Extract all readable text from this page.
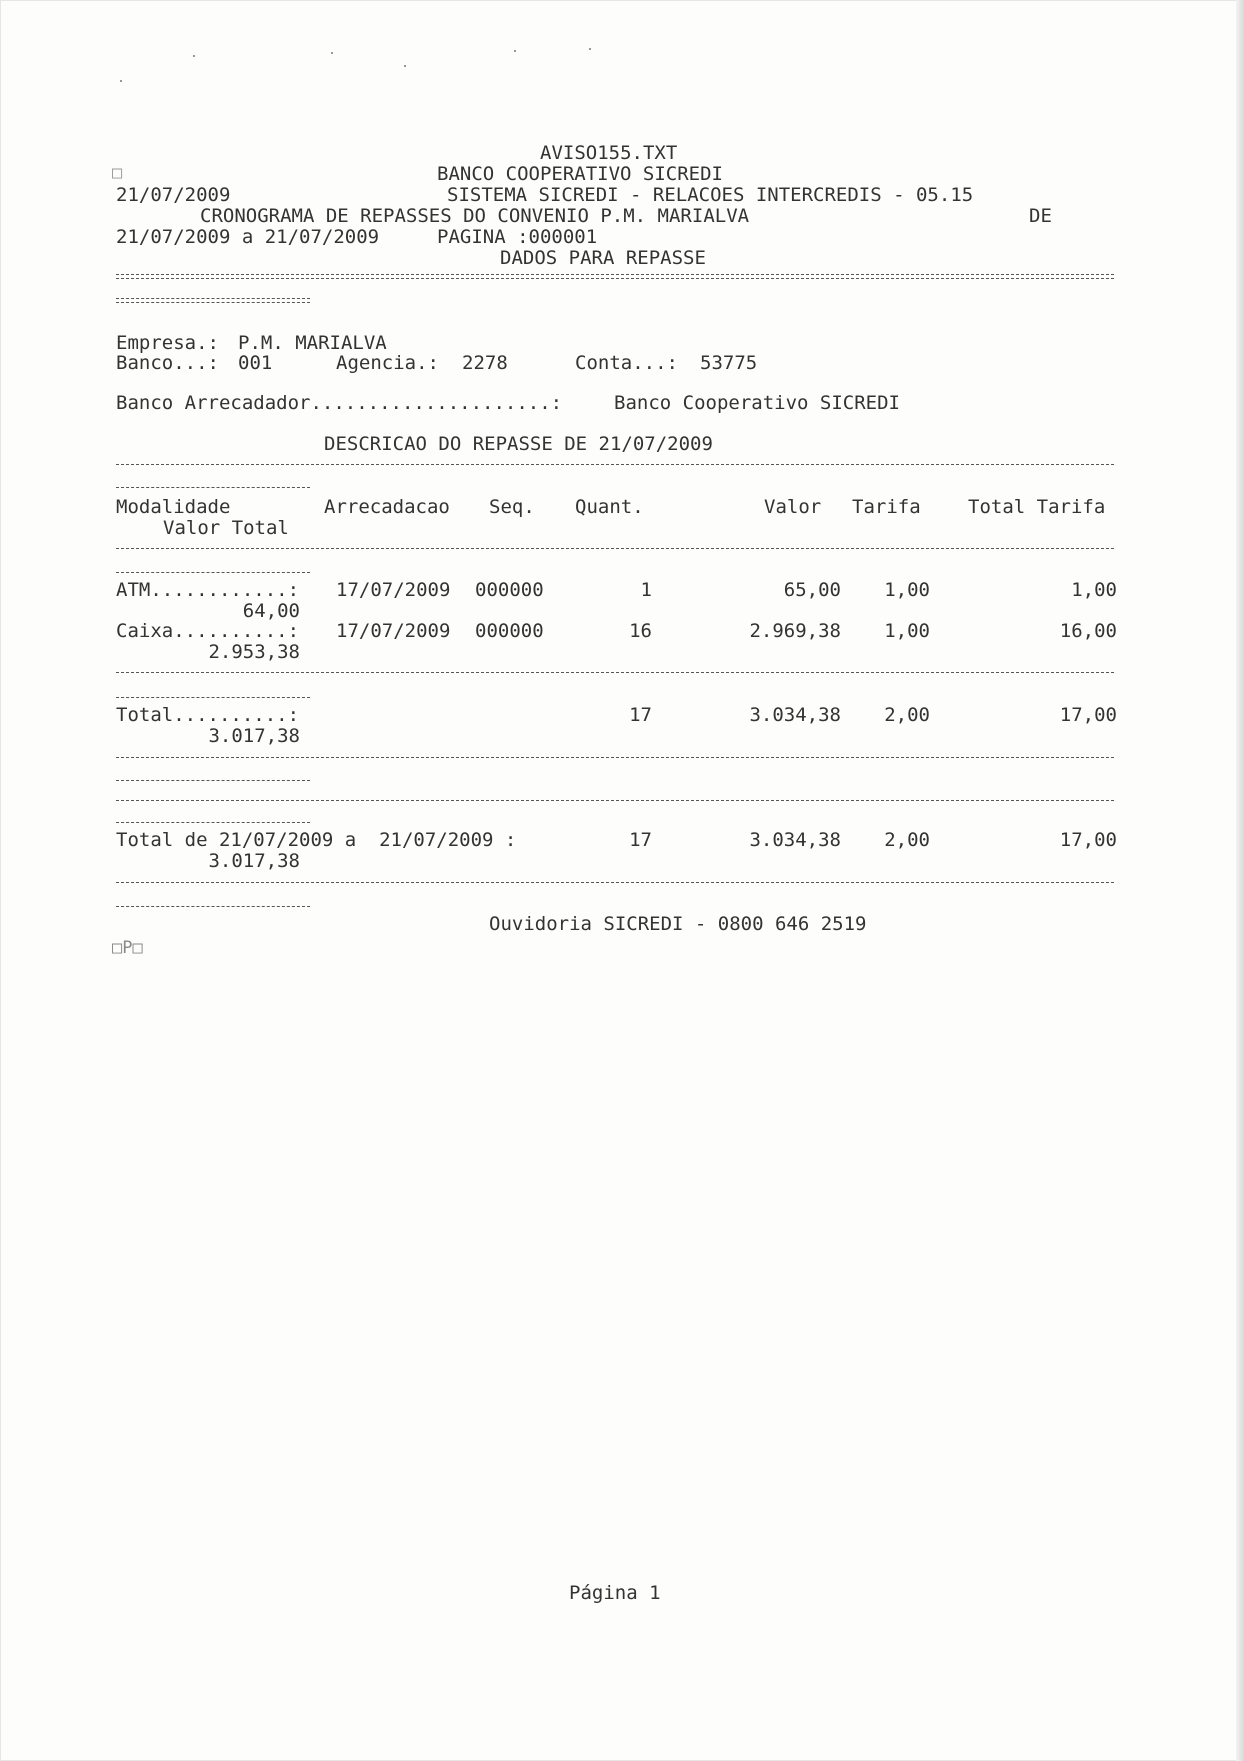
AVISO155.TXT
□	BANCO COOPERATIVO SICREDI
21/07/2009	SISTEMA SICREDI - RELACOES INTERCREDIS - 05.15
CRONOGRAMA DE REPASSES DO CONVENIO P.M. MARIALVA	DE
21/07/2009 a 21/07/2009	PAGINA :000001
DADOS PARA REPASSE
Empresa.: P.M. MARIALVA
Banco...: 001	Agencia.: 2278	Conta...: 53775
Banco Arrecadador.....................:	Banco Cooperativo SICREDI
DESCRICAO DO REPASSE DE 21/07/2009
Modalidade	Arrecadacao Seq. Quant.	Valor Tarifa Total Tarifa
Valor Total
ATM............: 17/07/2009 000000	1	65,00	1,00	1,00
64,00
Caixa..........: 17/07/2009 000000	16	2.969,38	1,00	16,00
2.953,38
Total..........:	17	3.034,38	2,00	17,00
3.017,38
Total de 21/07/2009 a  21/07/2009 :	17	3.034,38	2,00	17,00
3.017,38
Ouvidoria SICREDI - 0800 646 2519
□P□
Página 1
